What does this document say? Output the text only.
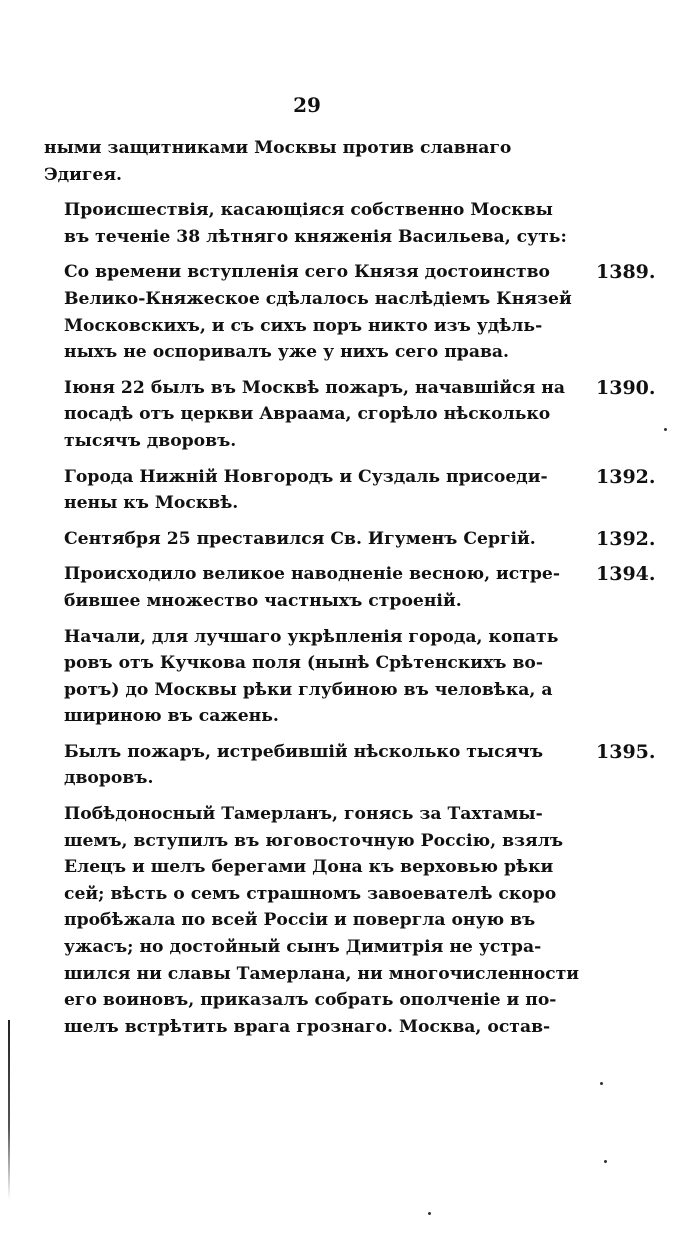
29

ными защитниками Москвы против славнаго
Эдигея.

Происшествія, касающіяся собственно Москвы
въ теченіе 38 лѣтняго княженія Васильева, суть:

1389 .
Со времени вступленія сего Князя достоинство
Велико-Княжеское сдѣлалось наслѣдіемъ Князей
Московскихъ, и съ сихъ поръ никто изъ удѣль-
ныхъ не оспоривалъ уже у нихъ сего права.
1390 .
Іюня 22 былъ въ Москвѣ пожаръ, начавшійся на
посадѣ отъ церкви Авраама, сгорѣло нѣсколько
тысячъ дворовъ.
1392 .
Города Нижній Новгородъ и Суздаль присоеди-
нены къ Москвѣ.
1392 .
Сентября 25 преставился Св. Игуменъ Сергій.
1394 .
Происходило великое наводненіе весною, истре-
бившее множество частныхъ строеній.
Начали, для лучшаго укрѣпленія города, копать
ровъ отъ Кучкова поля (нынѣ Срѣтенскихъ во-
ротъ) до Москвы рѣки глубиною въ человѣка, а
шириною въ сажень.
1395 .
Былъ пожаръ, истребившій нѣсколько тысячъ
дворовъ.
Побѣдоносный Тамерланъ, гонясь за Тахтамы-
шемъ, вступилъ въ юговосточную Россію, взялъ
Елецъ и шелъ берегами Дона къ верховью рѣки
сей; вѣсть о семъ страшномъ завоевателѣ скоро
пробѣжала по всей Россіи и повергла оную въ
ужасъ; но достойный сынъ Димитрія не устра-
шился ни славы Тамерлана, ни многочисленности
его воиновъ, приказалъ собрать ополченіе и по-
шелъ встрѣтить врага грознаго. Москва, остав-
